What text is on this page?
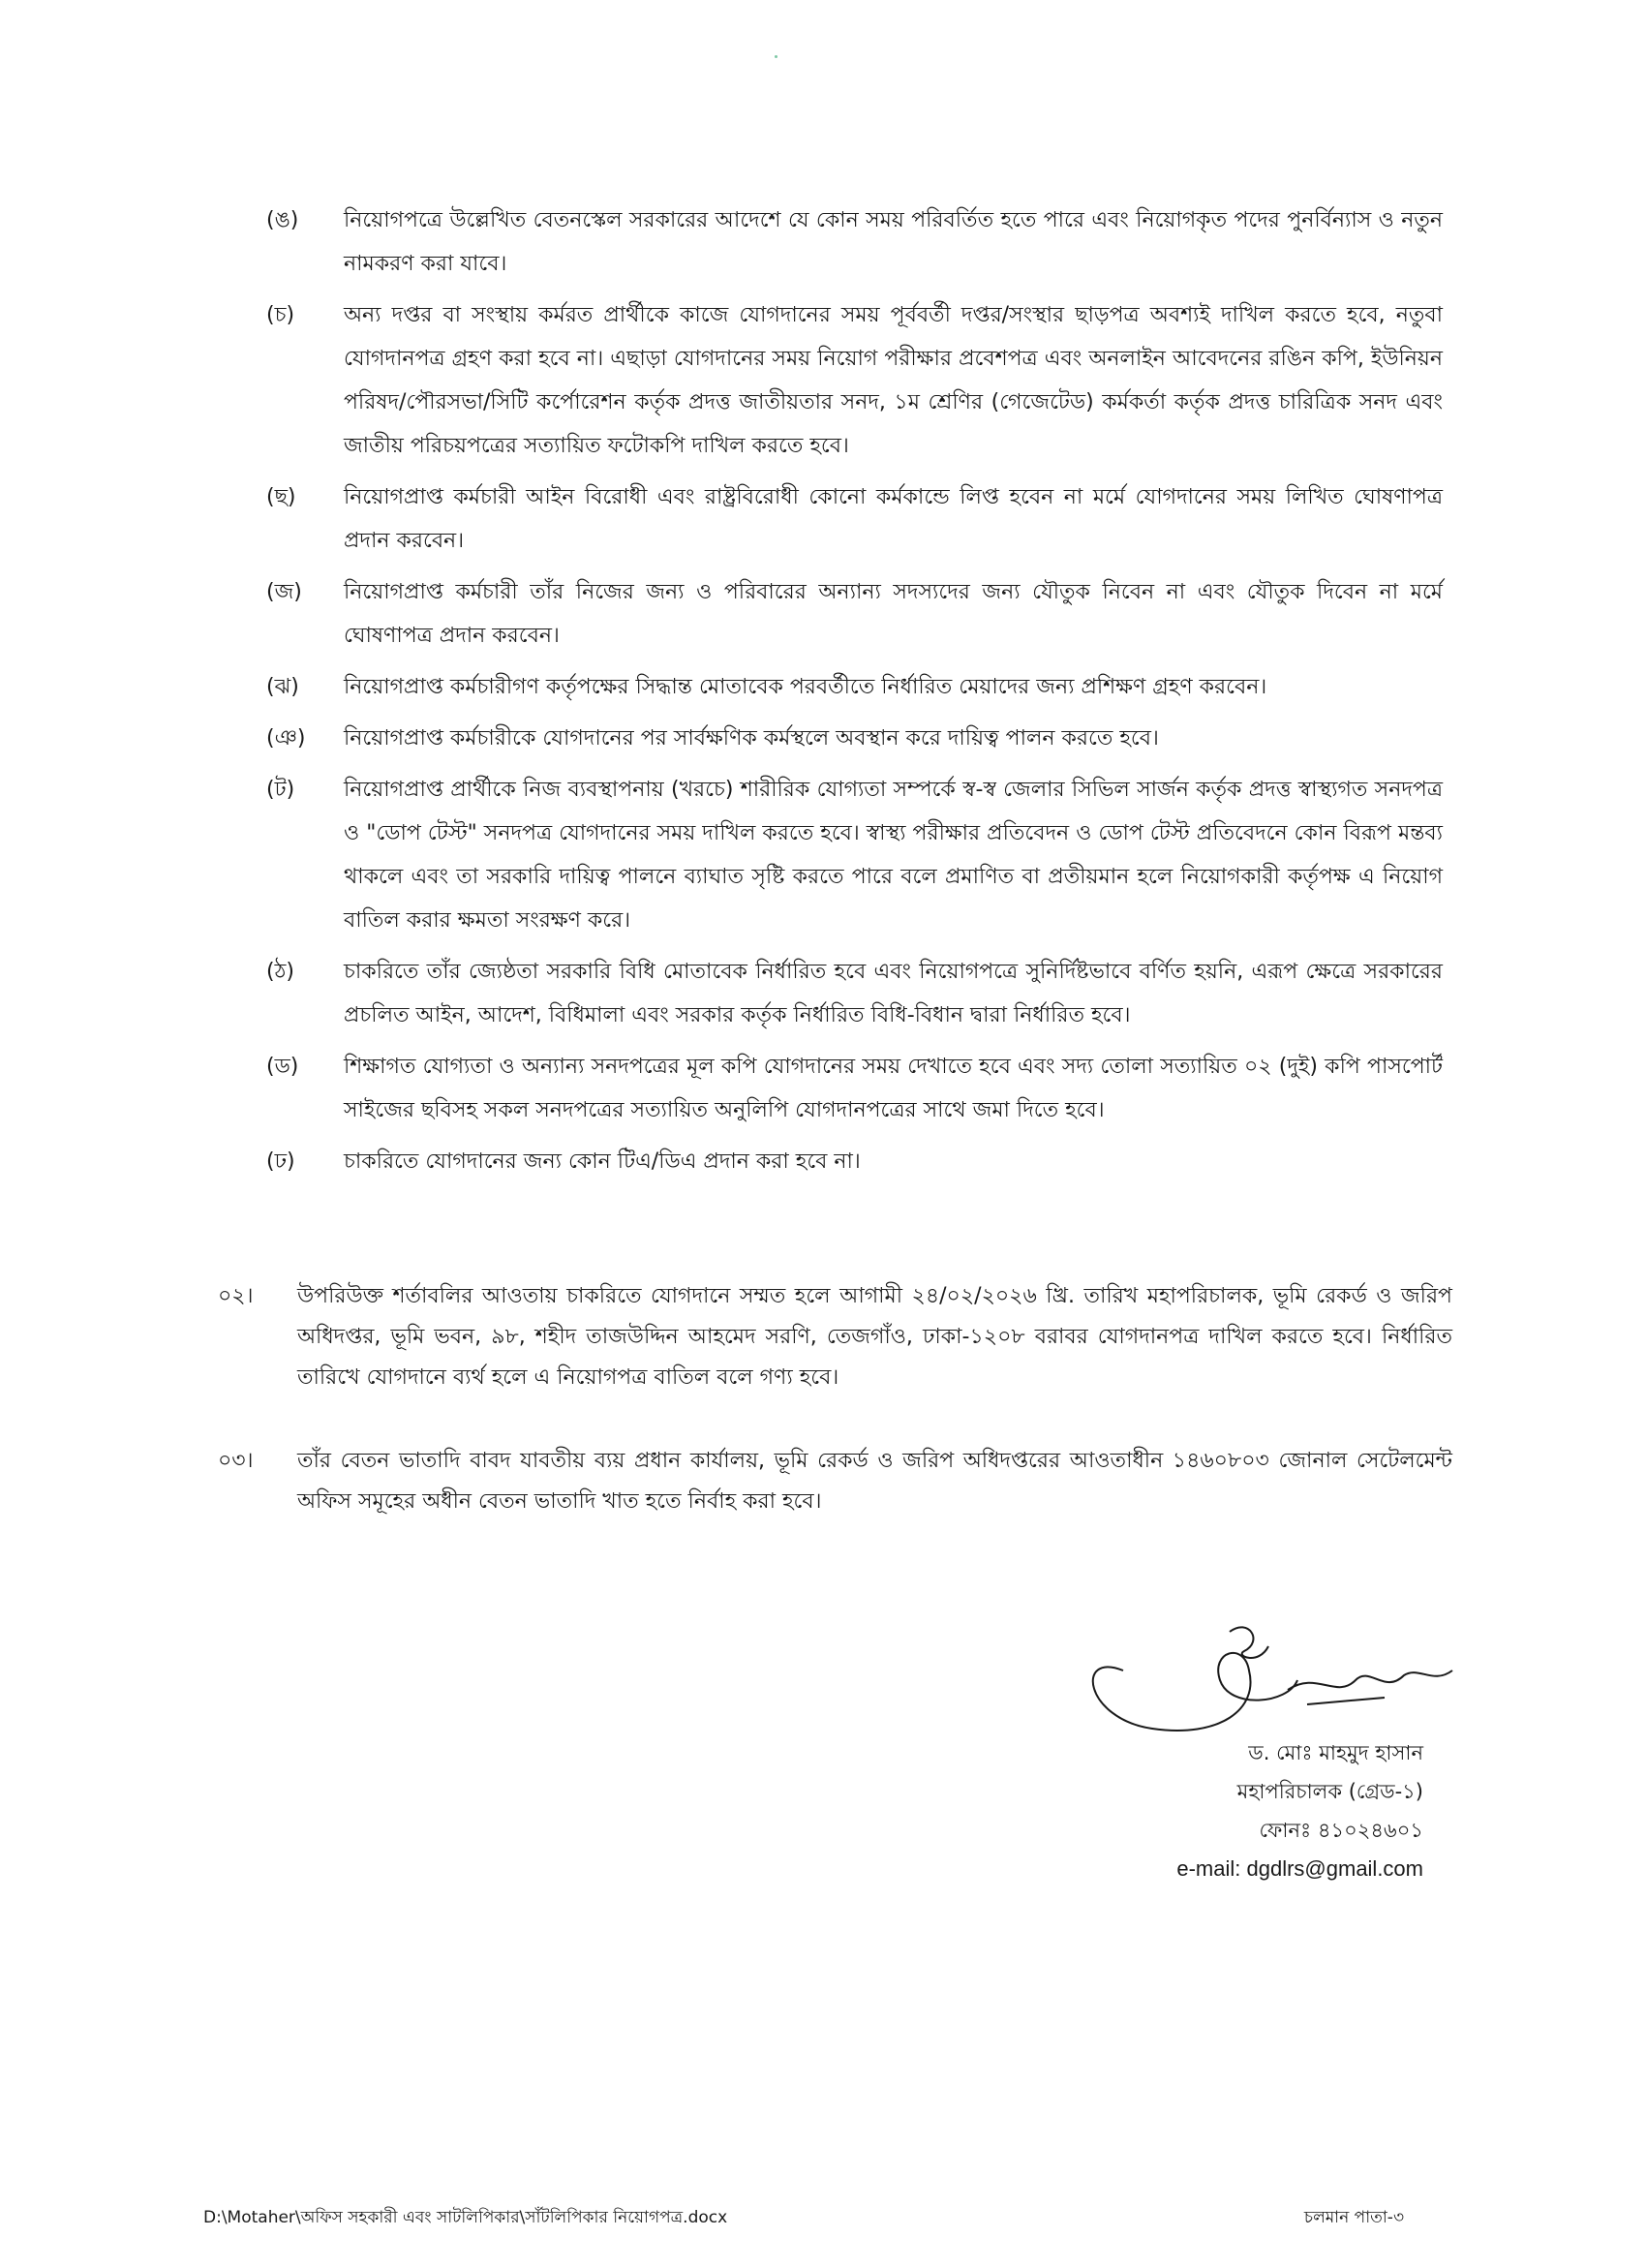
(ঙ)	নিয়োগপত্রে উল্লেখিত বেতনস্কেল সরকারের আদেশে যে কোন সময় পরিবর্তিত হতে পারে এবং নিয়োগকৃত পদের পুনর্বিন্যাস ও নতুন নামকরণ করা যাবে।
(চ)	অন্য দপ্তর বা সংস্থায় কর্মরত প্রার্থীকে কাজে যোগদানের সময় পূর্ববর্তী দপ্তর/সংস্থার ছাড়পত্র অবশ্যই দাখিল করতে হবে, নতুবা যোগদানপত্র গ্রহণ করা হবে না। এছাড়া যোগদানের সময় নিয়োগ পরীক্ষার প্রবেশপত্র এবং অনলাইন আবেদনের রঙিন কপি, ইউনিয়ন পরিষদ/পৌরসভা/সিটি কর্পোরেশন কর্তৃক প্রদত্ত জাতীয়তার সনদ, ১ম শ্রেণির (গেজেটেড) কর্মকর্তা কর্তৃক প্রদত্ত চারিত্রিক সনদ এবং জাতীয় পরিচয়পত্রের সত্যায়িত ফটোকপি দাখিল করতে হবে।
(ছ)	নিয়োগপ্রাপ্ত কর্মচারী আইন বিরোধী এবং রাষ্ট্রবিরোধী কোনো কর্মকান্ডে লিপ্ত হবেন না মর্মে যোগদানের সময় লিখিত ঘোষণাপত্র প্রদান করবেন।
(জ)	নিয়োগপ্রাপ্ত কর্মচারী তাঁর নিজের জন্য ও পরিবারের অন্যান্য সদস্যদের জন্য যৌতুক নিবেন না এবং যৌতুক দিবেন না মর্মে ঘোষণাপত্র প্রদান করবেন।
(ঝ)	নিয়োগপ্রাপ্ত কর্মচারীগণ কর্তৃপক্ষের সিদ্ধান্ত মোতাবেক পরবর্তীতে নির্ধারিত মেয়াদের জন্য প্রশিক্ষণ গ্রহণ করবেন।
(ঞ)	নিয়োগপ্রাপ্ত কর্মচারীকে যোগদানের পর সার্বক্ষণিক কর্মস্থলে অবস্থান করে দায়িত্ব পালন করতে হবে।
(ট)	নিয়োগপ্রাপ্ত প্রার্থীকে নিজ ব্যবস্থাপনায় (খরচে) শারীরিক যোগ্যতা সম্পর্কে স্ব-স্ব জেলার সিভিল সার্জন কর্তৃক প্রদত্ত স্বাস্থ্যগত সনদপত্র ও "ডোপ টেস্ট" সনদপত্র যোগদানের সময় দাখিল করতে হবে। স্বাস্থ্য পরীক্ষার প্রতিবেদন ও ডোপ টেস্ট প্রতিবেদনে কোন বিরূপ মন্তব্য থাকলে এবং তা সরকারি দায়িত্ব পালনে ব্যাঘাত সৃষ্টি করতে পারে বলে প্রমাণিত বা প্রতীয়মান হলে নিয়োগকারী কর্তৃপক্ষ এ নিয়োগ বাতিল করার ক্ষমতা সংরক্ষণ করে।
(ঠ)	চাকরিতে তাঁর জ্যেষ্ঠতা সরকারি বিধি মোতাবেক নির্ধারিত হবে এবং নিয়োগপত্রে সুনির্দিষ্টভাবে বর্ণিত হয়নি, এরূপ ক্ষেত্রে সরকারের প্রচলিত আইন, আদেশ, বিধিমালা এবং সরকার কর্তৃক নির্ধারিত বিধি-বিধান দ্বারা নির্ধারিত হবে।
(ড)	শিক্ষাগত যোগ্যতা ও অন্যান্য সনদপত্রের মূল কপি যোগদানের সময় দেখাতে হবে এবং সদ্য তোলা সত্যায়িত ০২ (দুই) কপি পাসপোর্ট সাইজের ছবিসহ সকল সনদপত্রের সত্যায়িত অনুলিপি যোগদানপত্রের সাথে জমা দিতে হবে।
(ঢ)	চাকরিতে যোগদানের জন্য কোন টিএ/ডিএ প্রদান করা হবে না।
০২।	উপরিউক্ত শর্তাবলির আওতায় চাকরিতে যোগদানে সম্মত হলে আগামী ২৪/০২/২০২৬ খ্রি. তারিখ মহাপরিচালক, ভূমি রেকর্ড ও জরিপ অধিদপ্তর, ভূমি ভবন, ৯৮, শহীদ তাজউদ্দিন আহমেদ সরণি, তেজগাঁও, ঢাকা-১২০৮ বরাবর যোগদানপত্র দাখিল করতে হবে। নির্ধারিত তারিখে যোগদানে ব্যর্থ হলে এ নিয়োগপত্র বাতিল বলে গণ্য হবে।
০৩।	তাঁর বেতন ভাতাদি বাবদ যাবতীয় ব্যয় প্রধান কার্যালয়, ভূমি রেকর্ড ও জরিপ অধিদপ্তরের আওতাধীন ১৪৬০৮০৩ জোনাল সেটেলমেন্ট অফিস সমূহের অধীন বেতন ভাতাদি খাত হতে নির্বাহ করা হবে।
ড. মোঃ মাহমুদ হাসান
মহাপরিচালক (গ্রেড-১)
ফোনঃ ৪১০২৪৬০১
e-mail: dgdlrs@gmail.com
D:\Motaher\অফিস সহকারী এবং সাটলিপিকার\সাঁটলিপিকার নিয়োগপত্র.docx	চলমান পাতা-৩
